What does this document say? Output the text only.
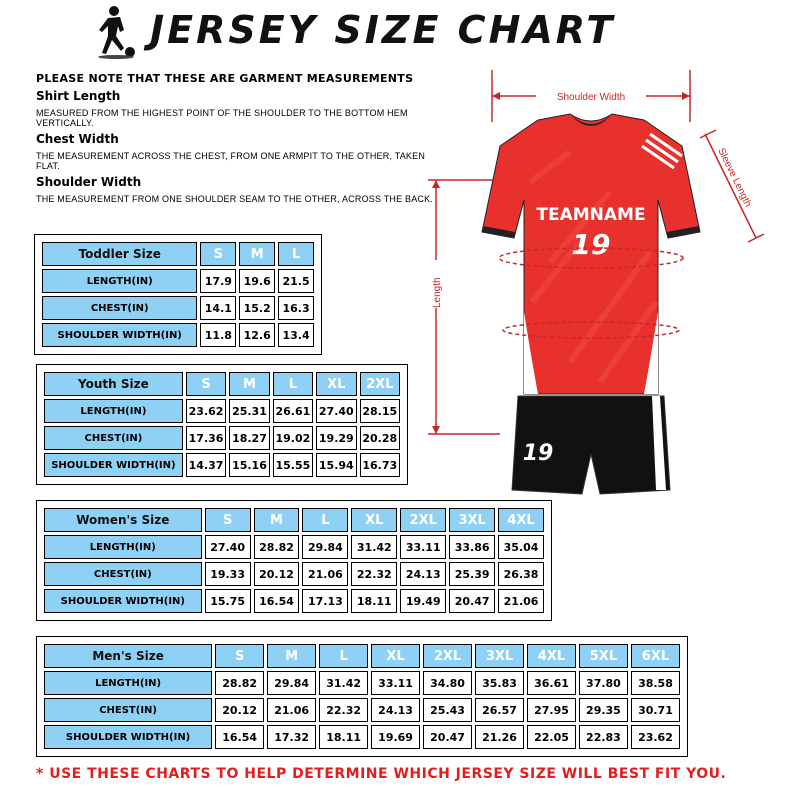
JERSEY SIZE CHART
PLEASE NOTE THAT THESE ARE GARMENT MEASUREMENTS
Shirt Length
MEASURED FROM THE HIGHEST POINT OF THE SHOULDER TO THE BOTTOM HEM VERTICALLY.
Chest Width
THE MEASUREMENT ACROSS THE CHEST, FROM ONE ARMPIT TO THE OTHER, TAKEN FLAT.
Shoulder Width
THE MEASUREMENT FROM ONE SHOULDER SEAM TO THE OTHER, ACROSS THE BACK.
Toddler Size	S	M	L
LENGTH(IN)	17.9	19.6	21.5
CHEST(IN)	14.1	15.2	16.3
SHOULDER WIDTH(IN)	11.8	12.6	13.4
Youth Size	S	M	L	XL	2XL
LENGTH(IN)	23.62	25.31	26.61	27.40	28.15
CHEST(IN)	17.36	18.27	19.02	19.29	20.28
SHOULDER WIDTH(IN)	14.37	15.16	15.55	15.94	16.73
Women's Size	S	M	L	XL	2XL	3XL	4XL
LENGTH(IN)	27.40	28.82	29.84	31.42	33.11	33.86	35.04
CHEST(IN)	19.33	20.12	21.06	22.32	24.13	25.39	26.38
SHOULDER WIDTH(IN)	15.75	16.54	17.13	18.11	19.49	20.47	21.06
Men's Size	S	M	L	XL	2XL	3XL	4XL	5XL	6XL
LENGTH(IN)	28.82	29.84	31.42	33.11	34.80	35.83	36.61	37.80	38.58
CHEST(IN)	20.12	21.06	22.32	24.13	25.43	26.57	27.95	29.35	30.71
SHOULDER WIDTH(IN)	16.54	17.32	18.11	19.69	20.47	21.26	22.05	22.83	23.62
Shoulder Width
Sleeve Length
Length
TEAMNAME
19
19
* USE THESE CHARTS TO HELP DETERMINE WHICH JERSEY SIZE WILL BEST FIT YOU.
